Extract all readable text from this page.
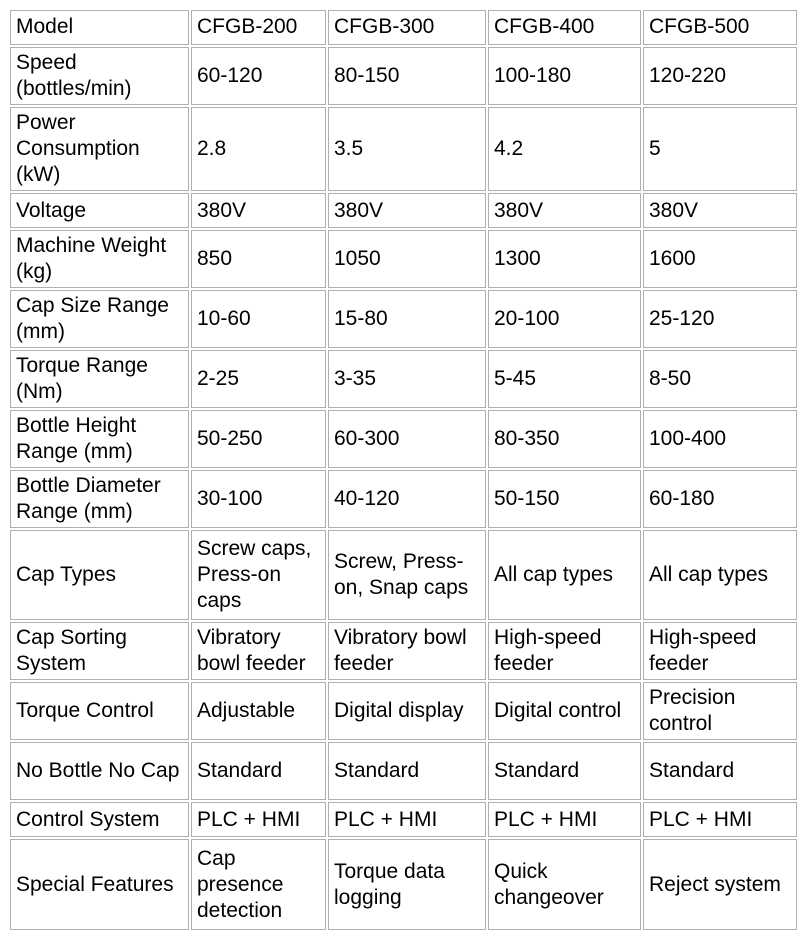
Model	CFGB-200	CFGB-300	CFGB-400	CFGB-500
Speed (bottles/min)	60-120	80-150	100-180	120-220
Power Consumption (kW)	2.8	3.5	4.2	5
Voltage	380V	380V	380V	380V
Machine Weight (kg)	850	1050	1300	1600
Cap Size Range (mm)	10-60	15-80	20-100	25-120
Torque Range (Nm)	2-25	3-35	5-45	8-50
Bottle Height Range (mm)	50-250	60-300	80-350	100-400
Bottle Diameter Range (mm)	30-100	40-120	50-150	60-180
Cap Types	Screw caps, Press-on caps	Screw, Press-on, Snap caps	All cap types	All cap types
Cap Sorting System	Vibratory bowl feeder	Vibratory bowl feeder	High-speed feeder	High-speed feeder
Torque Control	Adjustable	Digital display	Digital control	Precision control
No Bottle No Cap	Standard	Standard	Standard	Standard
Control System	PLC + HMI	PLC + HMI	PLC + HMI	PLC + HMI
Special Features	Cap presence detection	Torque data logging	Quick changeover	Reject system
